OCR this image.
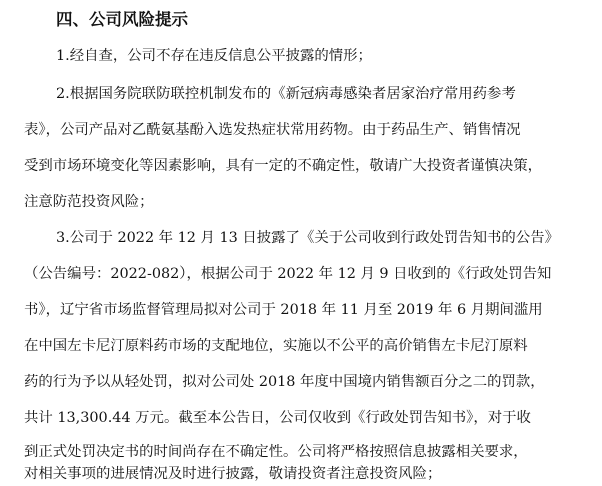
四、公司风险提示
1.经自查，公司不存在违反信息公平披露的情形；
2.根据国务院联防联控机制发布的《新冠病毒感染者居家治疗常用药参考
表》，公司产品对乙酰氨基酚入选发热症状常用药物。由于药品生产、销售情况
受到市场环境变化等因素影响，具有一定的不确定性，敬请广大投资者谨慎决策，
注意防范投资风险；
3.公司于 2022 年 12 月 13 日披露了《关于公司收到行政处罚告知书的公告》
（公告编号：2022-082），根据公司于 2022 年 12 月 9 日收到的《行政处罚告知
书》，辽宁省市场监督管理局拟对公司于 2018 年 11 月至 2019 年 6 月期间滥用
在中国左卡尼汀原料药市场的支配地位，实施以不公平的高价销售左卡尼汀原料
药的行为予以从轻处罚，拟对公司处 2018 年度中国境内销售额百分之二的罚款，
共计 13,300.44 万元。截至本公告日，公司仅收到《行政处罚告知书》，对于收
到正式处罚决定书的时间尚存在不确定性。公司将严格按照信息披露相关要求，
对相关事项的进展情况及时进行披露，敬请投资者注意投资风险；
